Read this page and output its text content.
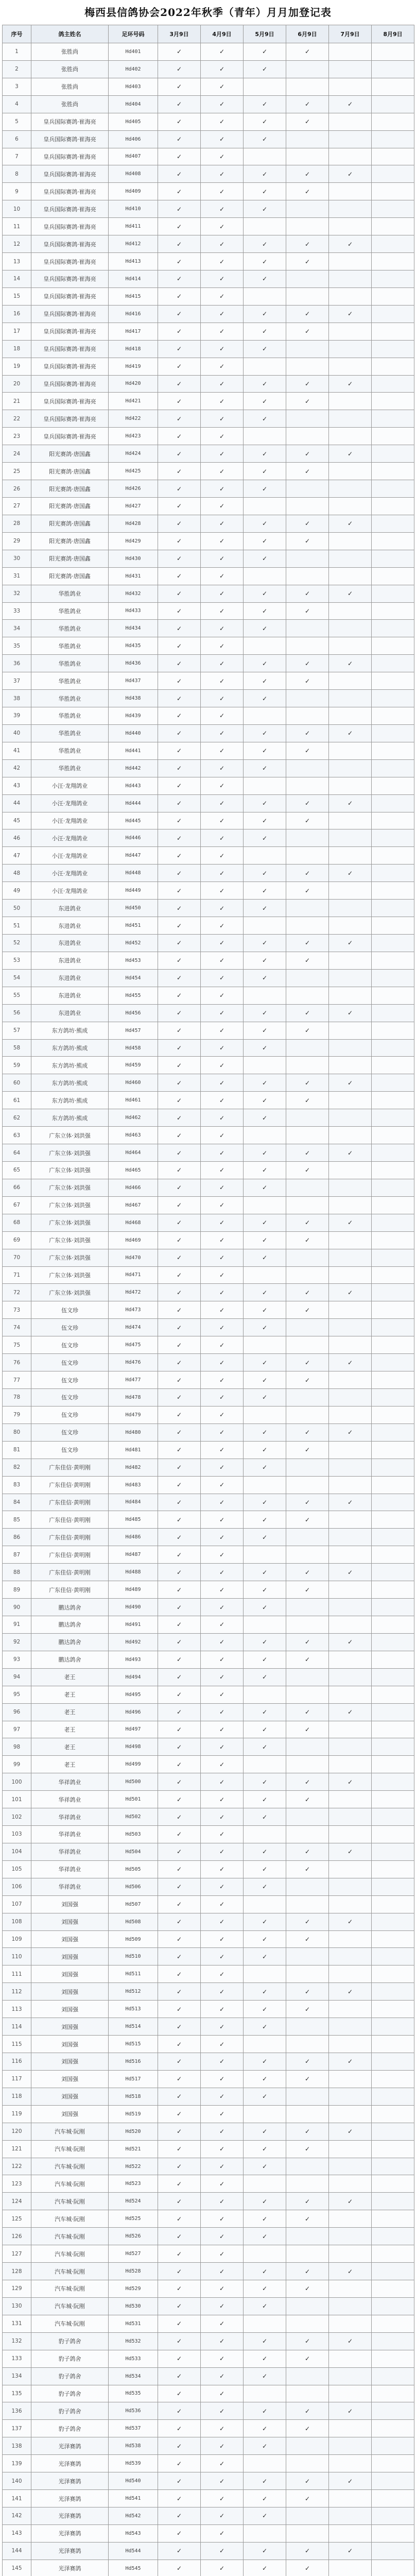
梅西县信鸽协会2022年秋季（青年）月月加登记表
序号	鸽主姓名	足环号码	3月9日	4月9日	5月9日	6月9日	7月9日	8月9日
1	张胜尚	Hd401	✓	✓	✓	✓		
2	张胜尚	Hd402	✓	✓	✓			
3	张胜尚	Hd403	✓	✓				
4	张胜尚	Hd404	✓	✓	✓	✓	✓	
5	皇兵国际赛鸽·崔海亮	Hd405	✓	✓	✓	✓		
6	皇兵国际赛鸽·崔海亮	Hd406	✓	✓	✓			
7	皇兵国际赛鸽·崔海亮	Hd407	✓	✓				
8	皇兵国际赛鸽·崔海亮	Hd408	✓	✓	✓	✓	✓	
9	皇兵国际赛鸽·崔海亮	Hd409	✓	✓	✓	✓		
10	皇兵国际赛鸽·崔海亮	Hd410	✓	✓	✓			
11	皇兵国际赛鸽·崔海亮	Hd411	✓	✓				
12	皇兵国际赛鸽·崔海亮	Hd412	✓	✓	✓	✓	✓	
13	皇兵国际赛鸽·崔海亮	Hd413	✓	✓	✓	✓		
14	皇兵国际赛鸽·崔海亮	Hd414	✓	✓	✓			
15	皇兵国际赛鸽·崔海亮	Hd415	✓	✓				
16	皇兵国际赛鸽·崔海亮	Hd416	✓	✓	✓	✓	✓	
17	皇兵国际赛鸽·崔海亮	Hd417	✓	✓	✓	✓		
18	皇兵国际赛鸽·崔海亮	Hd418	✓	✓	✓			
19	皇兵国际赛鸽·崔海亮	Hd419	✓	✓				
20	皇兵国际赛鸽·崔海亮	Hd420	✓	✓	✓	✓	✓	
21	皇兵国际赛鸽·崔海亮	Hd421	✓	✓	✓	✓		
22	皇兵国际赛鸽·崔海亮	Hd422	✓	✓	✓			
23	皇兵国际赛鸽·崔海亮	Hd423	✓	✓				
24	阳光赛鸽·唐国鑫	Hd424	✓	✓	✓	✓	✓	
25	阳光赛鸽·唐国鑫	Hd425	✓	✓	✓	✓		
26	阳光赛鸽·唐国鑫	Hd426	✓	✓	✓			
27	阳光赛鸽·唐国鑫	Hd427	✓	✓				
28	阳光赛鸽·唐国鑫	Hd428	✓	✓	✓	✓	✓	
29	阳光赛鸽·唐国鑫	Hd429	✓	✓	✓	✓		
30	阳光赛鸽·唐国鑫	Hd430	✓	✓	✓			
31	阳光赛鸽·唐国鑫	Hd431	✓	✓				
32	华胜鸽业	Hd432	✓	✓	✓	✓	✓	
33	华胜鸽业	Hd433	✓	✓	✓	✓		
34	华胜鸽业	Hd434	✓	✓	✓			
35	华胜鸽业	Hd435	✓	✓				
36	华胜鸽业	Hd436	✓	✓	✓	✓	✓	
37	华胜鸽业	Hd437	✓	✓	✓	✓		
38	华胜鸽业	Hd438	✓	✓	✓			
39	华胜鸽业	Hd439	✓	✓				
40	华胜鸽业	Hd440	✓	✓	✓	✓	✓	
41	华胜鸽业	Hd441	✓	✓	✓	✓		
42	华胜鸽业	Hd442	✓	✓	✓			
43	小汪·龙翔鸽业	Hd443	✓	✓				
44	小汪·龙翔鸽业	Hd444	✓	✓	✓	✓	✓	
45	小汪·龙翔鸽业	Hd445	✓	✓	✓	✓		
46	小汪·龙翔鸽业	Hd446	✓	✓	✓			
47	小汪·龙翔鸽业	Hd447	✓	✓				
48	小汪·龙翔鸽业	Hd448	✓	✓	✓	✓	✓	
49	小汪·龙翔鸽业	Hd449	✓	✓	✓	✓		
50	东进鸽业	Hd450	✓	✓	✓			
51	东进鸽业	Hd451	✓	✓				
52	东进鸽业	Hd452	✓	✓	✓	✓	✓	
53	东进鸽业	Hd453	✓	✓	✓	✓		
54	东进鸽业	Hd454	✓	✓	✓			
55	东进鸽业	Hd455	✓	✓				
56	东进鸽业	Hd456	✓	✓	✓	✓	✓	
57	东方鸽坊·熊成	Hd457	✓	✓	✓	✓		
58	东方鸽坊·熊成	Hd458	✓	✓	✓			
59	东方鸽坊·熊成	Hd459	✓	✓				
60	东方鸽坊·熊成	Hd460	✓	✓	✓	✓	✓	
61	东方鸽坊·熊成	Hd461	✓	✓	✓	✓		
62	东方鸽坊·熊成	Hd462	✓	✓	✓			
63	广东立体·刘洪强	Hd463	✓	✓				
64	广东立体·刘洪强	Hd464	✓	✓	✓	✓	✓	
65	广东立体·刘洪强	Hd465	✓	✓	✓	✓		
66	广东立体·刘洪强	Hd466	✓	✓	✓			
67	广东立体·刘洪强	Hd467	✓	✓				
68	广东立体·刘洪强	Hd468	✓	✓	✓	✓	✓	
69	广东立体·刘洪强	Hd469	✓	✓	✓	✓		
70	广东立体·刘洪强	Hd470	✓	✓	✓			
71	广东立体·刘洪强	Hd471	✓	✓				
72	广东立体·刘洪强	Hd472	✓	✓	✓	✓	✓	
73	伍文珍	Hd473	✓	✓	✓	✓		
74	伍文珍	Hd474	✓	✓	✓			
75	伍文珍	Hd475	✓	✓				
76	伍文珍	Hd476	✓	✓	✓	✓	✓	
77	伍文珍	Hd477	✓	✓	✓	✓		
78	伍文珍	Hd478	✓	✓	✓			
79	伍文珍	Hd479	✓	✓				
80	伍文珍	Hd480	✓	✓	✓	✓	✓	
81	伍文珍	Hd481	✓	✓	✓	✓		
82	广东佳信·黄明刚	Hd482	✓	✓	✓			
83	广东佳信·黄明刚	Hd483	✓	✓				
84	广东佳信·黄明刚	Hd484	✓	✓	✓	✓	✓	
85	广东佳信·黄明刚	Hd485	✓	✓	✓	✓		
86	广东佳信·黄明刚	Hd486	✓	✓	✓			
87	广东佳信·黄明刚	Hd487	✓	✓				
88	广东佳信·黄明刚	Hd488	✓	✓	✓	✓	✓	
89	广东佳信·黄明刚	Hd489	✓	✓	✓	✓		
90	鹏达鸽舍	Hd490	✓	✓	✓			
91	鹏达鸽舍	Hd491	✓	✓				
92	鹏达鸽舍	Hd492	✓	✓	✓	✓	✓	
93	鹏达鸽舍	Hd493	✓	✓	✓	✓		
94	老王	Hd494	✓	✓	✓			
95	老王	Hd495	✓	✓				
96	老王	Hd496	✓	✓	✓	✓	✓	
97	老王	Hd497	✓	✓	✓	✓		
98	老王	Hd498	✓	✓	✓			
99	老王	Hd499	✓	✓				
100	华祥鸽业	Hd500	✓	✓	✓	✓	✓	
101	华祥鸽业	Hd501	✓	✓	✓	✓		
102	华祥鸽业	Hd502	✓	✓	✓			
103	华祥鸽业	Hd503	✓	✓				
104	华祥鸽业	Hd504	✓	✓	✓	✓	✓	
105	华祥鸽业	Hd505	✓	✓	✓	✓		
106	华祥鸽业	Hd506	✓	✓	✓			
107	刘国强	Hd507	✓	✓				
108	刘国强	Hd508	✓	✓	✓	✓	✓	
109	刘国强	Hd509	✓	✓	✓	✓		
110	刘国强	Hd510	✓	✓	✓			
111	刘国强	Hd511	✓	✓				
112	刘国强	Hd512	✓	✓	✓	✓	✓	
113	刘国强	Hd513	✓	✓	✓	✓		
114	刘国强	Hd514	✓	✓	✓			
115	刘国强	Hd515	✓	✓				
116	刘国强	Hd516	✓	✓	✓	✓	✓	
117	刘国强	Hd517	✓	✓	✓	✓		
118	刘国强	Hd518	✓	✓	✓			
119	刘国强	Hd519	✓	✓				
120	汽车城·阮刚	Hd520	✓	✓	✓	✓	✓	
121	汽车城·阮刚	Hd521	✓	✓	✓	✓		
122	汽车城·阮刚	Hd522	✓	✓	✓			
123	汽车城·阮刚	Hd523	✓	✓				
124	汽车城·阮刚	Hd524	✓	✓	✓	✓	✓	
125	汽车城·阮刚	Hd525	✓	✓	✓	✓		
126	汽车城·阮刚	Hd526	✓	✓	✓			
127	汽车城·阮刚	Hd527	✓	✓				
128	汽车城·阮刚	Hd528	✓	✓	✓	✓	✓	
129	汽车城·阮刚	Hd529	✓	✓	✓	✓		
130	汽车城·阮刚	Hd530	✓	✓	✓			
131	汽车城·阮刚	Hd531	✓	✓				
132	豹子鸽舍	Hd532	✓	✓	✓	✓	✓	
133	豹子鸽舍	Hd533	✓	✓	✓	✓		
134	豹子鸽舍	Hd534	✓	✓	✓			
135	豹子鸽舍	Hd535	✓	✓				
136	豹子鸽舍	Hd536	✓	✓	✓	✓	✓	
137	豹子鸽舍	Hd537	✓	✓	✓	✓		
138	光泽赛鸽	Hd538	✓	✓	✓			
139	光泽赛鸽	Hd539	✓	✓				
140	光泽赛鸽	Hd540	✓	✓	✓	✓	✓	
141	光泽赛鸽	Hd541	✓	✓	✓	✓		
142	光泽赛鸽	Hd542	✓	✓	✓			
143	光泽赛鸽	Hd543	✓	✓				
144	光泽赛鸽	Hd544	✓	✓	✓	✓	✓	
145	光泽赛鸽	Hd545	✓	✓	✓	✓		
